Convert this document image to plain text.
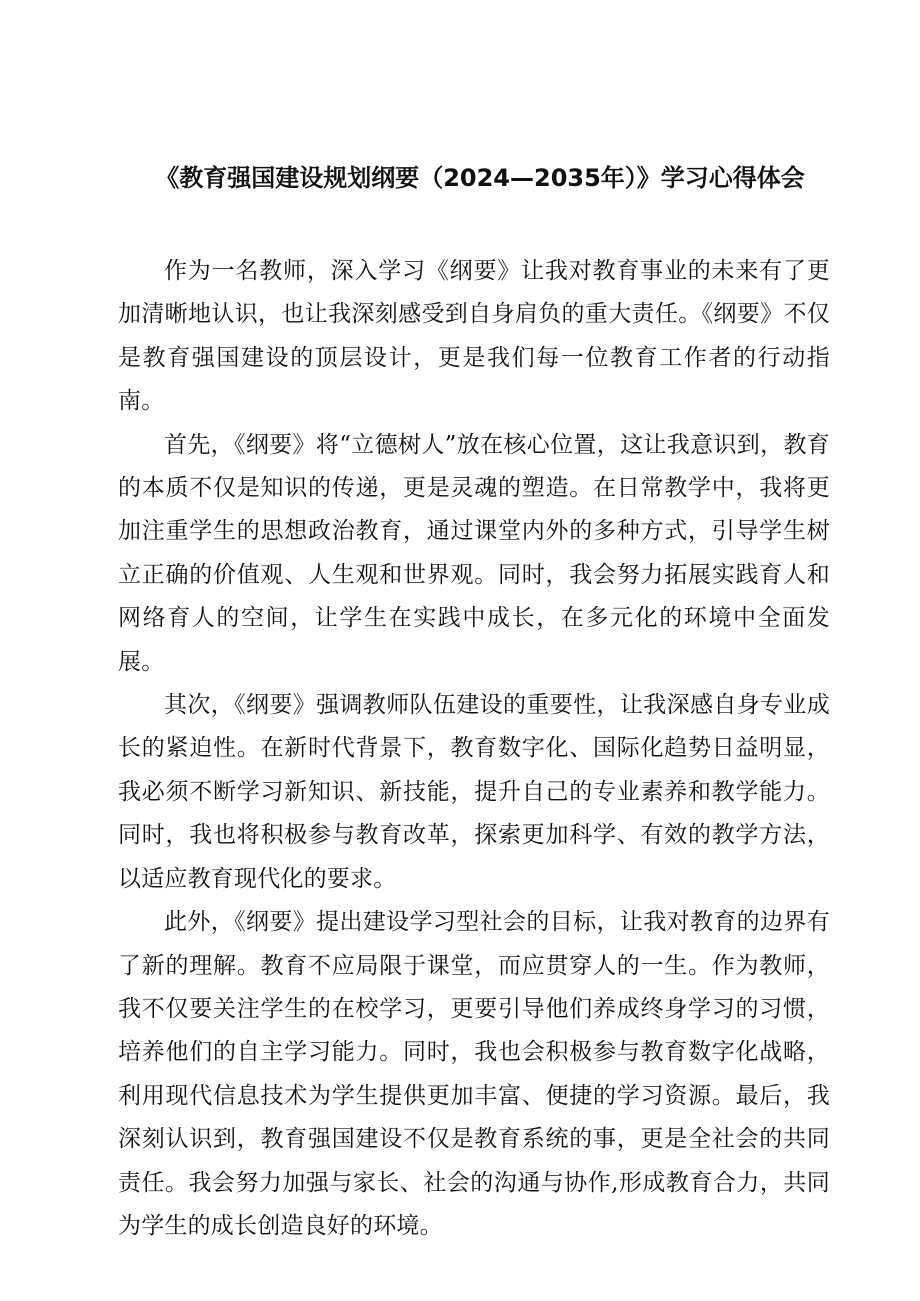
《教育强国建设规划纲要（2024—2035年）》学习心得体会

作为一名教师，深入学习《纲要》让我对教育事业的未来有了更加清晰地认识，也让我深刻感受到自身肩负的重大责任。《纲要》不仅是教育强国建设的顶层设计，更是我们每一位教育工作者的行动指南。

首先，《纲要》将“立德树人”放在核心位置，这让我意识到，教育的本质不仅是知识的传递，更是灵魂的塑造。在日常教学中，我将更加注重学生的思想政治教育，通过课堂内外的多种方式，引导学生树立正确的价值观、人生观和世界观。同时，我会努力拓展实践育人和网络育人的空间，让学生在实践中成长，在多元化的环境中全面发展。

其次，《纲要》强调教师队伍建设的重要性，让我深感自身专业成长的紧迫性。在新时代背景下，教育数字化、国际化趋势日益明显，我必须不断学习新知识、新技能，提升自己的专业素养和教学能力。同时，我也将积极参与教育改革，探索更加科学、有效的教学方法，以适应教育现代化的要求。

此外，《纲要》提出建设学习型社会的目标，让我对教育的边界有了新的理解。教育不应局限于课堂，而应贯穿人的一生。作为教师，我不仅要关注学生的在校学习，更要引导他们养成终身学习的习惯，培养他们的自主学习能力。同时，我也会积极参与教育数字化战略，利用现代信息技术为学生提供更加丰富、便捷的学习资源。最后，我深刻认识到，教育强国建设不仅是教育系统的事，更是全社会的共同责任。我会努力加强与家长、社会的沟通与协作,形成教育合力，共同为学生的成长创造良好的环境。
